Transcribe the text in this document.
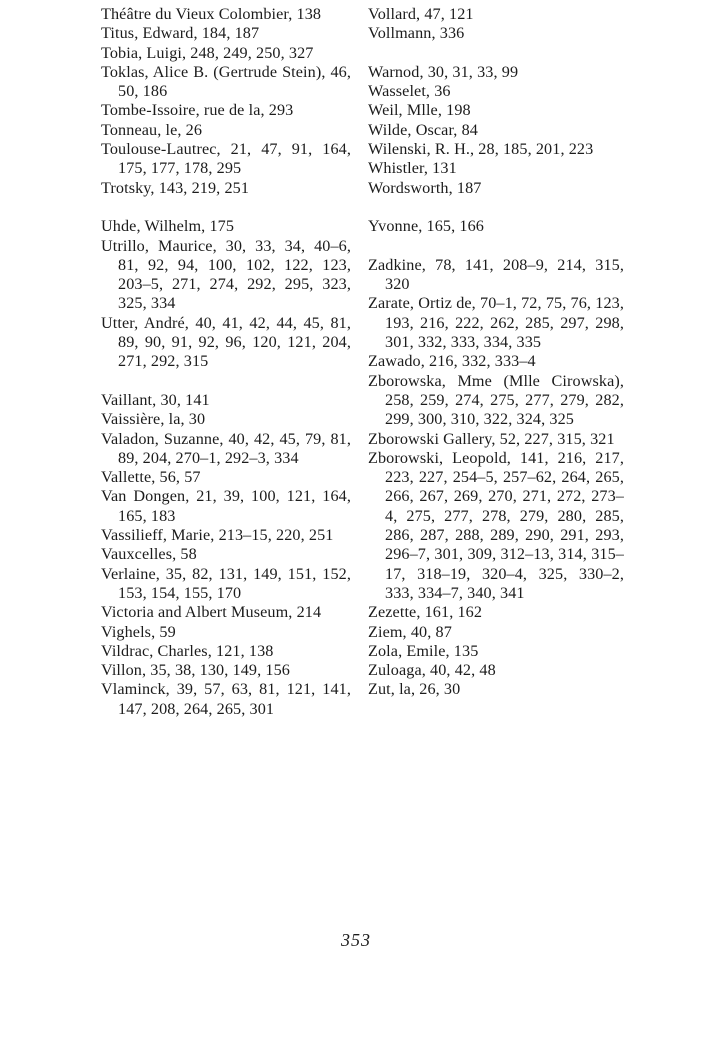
Théâtre du Vieux Colombier, 138

Titus, Edward, 184, 187

Tobia, Luigi, 248, 249, 250, 327

Toklas, Alice B. (Gertrude Stein), 46, 50, 186

Tombe-Issoire, rue de la, 293

Tonneau, le, 26

Toulouse-Lautrec, 21, 47, 91, 164, 175, 177, 178, 295

Trotsky, 143, 219, 251

Uhde, Wilhelm, 175

Utrillo, Maurice, 30, 33, 34, 40–6, 81, 92, 94, 100, 102, 122, 123, 203–5, 271, 274, 292, 295, 323, 325, 334

Utter, André, 40, 41, 42, 44, 45, 81, 89, 90, 91, 92, 96, 120, 121, 204, 271, 292, 315

Vaillant, 30, 141

Vaissière, la, 30

Valadon, Suzanne, 40, 42, 45, 79, 81, 89, 204, 270–1, 292–3, 334

Vallette, 56, 57

Van Dongen, 21, 39, 100, 121, 164, 165, 183

Vassilieff, Marie, 213–15, 220, 251

Vauxcelles, 58

Verlaine, 35, 82, 131, 149, 151, 152, 153, 154, 155, 170

Victoria and Albert Museum, 214

Vighels, 59

Vildrac, Charles, 121, 138

Villon, 35, 38, 130, 149, 156

Vlaminck, 39, 57, 63, 81, 121, 141, 147, 208, 264, 265, 301

Vollard, 47, 121

Vollmann, 336

Warnod, 30, 31, 33, 99

Wasselet, 36

Weil, Mlle, 198

Wilde, Oscar, 84

Wilenski, R. H., 28, 185, 201, 223

Whistler, 131

Wordsworth, 187

Yvonne, 165, 166

Zadkine, 78, 141, 208–9, 214, 315, 320

Zarate, Ortiz de, 70–1, 72, 75, 76, 123, 193, 216, 222, 262, 285, 297, 298, 301, 332, 333, 334, 335

Zawado, 216, 332, 333–4

Zborowska, Mme (Mlle Cirowska), 258, 259, 274, 275, 277, 279, 282, 299, 300, 310, 322, 324, 325

Zborowski Gallery, 52, 227, 315, 321

Zborowski, Leopold, 141, 216, 217, 223, 227, 254–5, 257–62, 264, 265, 266, 267, 269, 270, 271, 272, 273–4, 275, 277, 278, 279, 280, 285, 286, 287, 288, 289, 290, 291, 293, 296–7, 301, 309, 312–13, 314, 315–17, 318–19, 320–4, 325, 330–2, 333, 334–7, 340, 341

Zezette, 161, 162

Ziem, 40, 87

Zola, Emile, 135

Zuloaga, 40, 42, 48

Zut, la, 26, 30

353
